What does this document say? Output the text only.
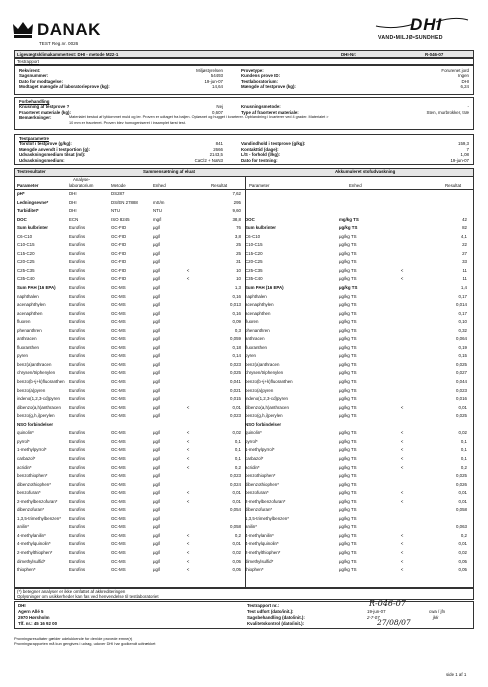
DANAK
TEST Reg.nr. 0026
DHI
VAND•MILJØ•SUNDHED
Ligevægtsklimakammertest: DHI - metode M22-1	DHI-Nr:	R-046-07
Testrapport
Rekvirent:	Miljøstyrelsen	Provetype:	Forurenet jord
Sagsnummer:	54493	Kundens prove ID:	Ingen
Dato for modtagelse:	19-jun-07	Testlaboratorium:	DHI
Modtaget mængde af laboratorieprove (kg):	14,64	Mængde af testprove (kg):	6,24
Forbehandling
Knusning af testprove ?	Nej	Knusningsmetode:	-
Fraorteret materiale (kg):	0,607	Type af fraorteret materiale:	Sten, murbrokker, træ
Bemærkninger:	Materialet bestod af lyfdommet muld og ler. Proven er udtaget fra baljen. Opløsnet og hugget i kvarterer. Opblandning i kvarterer ved 4 grader. Materialet >
10 mm er fraorteret. Proven blev homogeniseret i insamplet først test.
Testparametre
Torstof i testprove (g/kg):	841	Vandindhold i testprove (g/kg):	159,3
Mængde anvendt i testportion (g):	2666	Kontakttid (dage):	7
Udvaskningsmedium tilsat (ml):	2143,5	L/S - forhold (l/kg):	1,08
Udvaskningsmedium:	CaCl2 + NaN3	Dato for testning:	19-jun-07
Testresultater	Sammensætning af eluat	Akkumuleret stofudvaskning
Analyse-
Parameter	laboratorium	Metode	Enhed	Resultat	Parameter	Enhed	Resultat
pH*	DHI	DS287	7,62
Ledningsevne*	DHI	DS/EN 27888	mS/m	295
Turbiditet*	DHI	NTU	NTU	9,60
DOC	ECN	ISO 8245	mg/l	38,8 DOC	mg/kg TS	42
Sum kulbrinter	Eurofins	GC-FID	µg/l	76 Sum kulbrinter	µg/kg TS	82
C6-C10	Eurofins	GC-FID	µg/l	3,8 C6-C10	µg/kg TS	4,1
C10-C15	Eurofins	GC-FID	µg/l	25 C10-C15	µg/kg TS	22
C15-C20	Eurofins	GC-FID	µg/l	25 C15-C20	µg/kg TS	27
C20-C25	Eurofins	GC-FID	µg/l	31 C20-C25	µg/kg TS	33
C25-C35	Eurofins	GC-FID	µg/l	<	10 C25-C35	µg/kg TS	<	11
C35-C40	Eurofins	GC-FID	µg/l	<	10 C35-C40	µg/kg TS	<	11
Sum PAH (16 EPA)	Eurofins	GC-MS	µg/l	1,3 Sum PAH (16 EPA)	µg/kg TS	1,4
naphthalen	Eurofins	GC-MS	µg/l	0,16 naphthalen	µg/kg TS	0,17
acenaphthylen	Eurofins	GC-MS	µg/l	0,013 acenaphthylen	µg/kg TS	0,014
acenaphthen	Eurofins	GC-MS	µg/l	0,16 acenaphthen	µg/kg TS	0,17
fluoren	Eurofins	GC-MS	µg/l	0,09 fluoren	µg/kg TS	0,10
phenanthren	Eurofins	GC-MS	µg/l	0,3 phenanthren	µg/kg TS	0,32
anthracen	Eurofins	GC-MS	µg/l	0,059 anthracen	µg/kg TS	0,064
fluoranthen	Eurofins	GC-MS	µg/l	0,18 fluoranthen	µg/kg TS	0,19
pyren	Eurofins	GC-MS	µg/l	0,14 pyren	µg/kg TS	0,15
benz(a)anthracen	Eurofins	GC-MS	µg/l	0,023 benz(a)anthracen	µg/kg TS	0,025
chrysen/triphenylen	Eurofins	GC-MS	µg/l	0,025 chrysen/triphenylen	µg/kg TS	0,027
benzo(b+j+k)fluoranthen Eurofins	GC-MS	µg/l	0,041 benzo(b+j+k)fluoranthen	µg/kg TS	0,044
benzo(a)pyren	Eurofins	GC-MS	µg/l	0,021 benzo(a)pyren	µg/kg TS	0,023
indeno(1,2,3-cd)pyren	Eurofins	GC-MS	µg/l	0,015 indeno(1,2,3-cd)pyren	µg/kg TS	0,016
dibenzo(a,h)anthracen	Eurofins	GC-MS	µg/l	<	0,01 dibenzo(a,h)anthracen	µg/kg TS	<	0,01
benzo(g,h,i)perylen	Eurofins	GC-MS	µg/l	0,023 benzo(g,h,i)perylen	µg/kg TS	0,025
NSO forbindelser	NSO forbindelser
quinolin*	Eurofins	GC-MS	µg/l	<	0,02 quinolin*	µg/kg TS	<	0,02
pyrrol*	Eurofins	GC-MS	µg/l	<	0,1 pyrrol*	µg/kg TS	<	0,1
1-methylpyrrol*	Eurofins	GC-MS	µg/l	<	0,1 1-methylpyrrol*	µg/kg TS	<	0,1
carbazol*	Eurofins	GC-MS	µg/l	<	0,1 carbazol*	µg/kg TS	<	0,1
acridin*	Eurofins	GC-MS	µg/l	<	0,2 acridin*	µg/kg TS	<	0,2
benzothiophen*	Eurofins	GC-MS	µg/l	0,023 benzothiophen*	µg/kg TS	0,025
dibenzothiophen*	Eurofins	GC-MS	µg/l	0,024 dibenzothiophen*	µg/kg TS	0,026
benzofuran*	Eurofins	GC-MS	µg/l	<	0,01 benzofuran*	µg/kg TS	<	0,01
2-methylbenzofuran*	Eurofins	GC-MS	µg/l	<	0,01 2-methylbenzofuran*	µg/kg TS	<	0,01
dibenzofuran*	Eurofins	GC-MS	µg/l	0,054 dibenzofuran*	µg/kg TS	0,058
1,3,5-trimethylbenzen*	Eurofins	GC-MS	µg/l	1,3,5-trimethylbenzen*	µg/kg TS
anilin*	Eurofins	GC-MS	µg/l	0,058 anilin*	µg/kg TS	0,063
4-methylanilin*	Eurofins	GC-MS	µg/l	<	0,2 4-methylanilin*	µg/kg TS	<	0,2
4-methylquinolin*	Eurofins	GC-MS	µg/l	<	0,01 4-methylquinolin*	µg/kg TS	<	0,01
2-methylthiophen*	Eurofins	GC-MS	µg/l	<	0,02 2-methylthiophen*	µg/kg TS	<	0,02
dimethylsulfid*	Eurofins	GC-MS	µg/l	<	0,05 dimethylsulfid*	µg/kg TS	<	0,05
thiophen*	Eurofins	GC-MS	µg/l	<	0,05 thiophen*	µg/kg TS	<	0,05
(*) betegner analyser er ikke omfattet af akkrediteringen
Oplysninger om usikkerheder kan fas ved henvendelse til testlaboratoriet
DHI
Agern Allé 5
2970 Hørsholm
Tlf. nr.: 45 16 92 00
Testrapport nr.:
Test udfort (dato/init.):
Sagsbehandling (dato/init.):
Kvalitetskontrol (dato/init.):
R-046-07
19-jun-07	cwa / jfn
2-7-07	jkk
27/08/07
Provningsresultater gælder udelukkende for den/de provede emne(r)
Provningsrapporten må kun gengives i udrag, udover DHI har godkendt udtrækket
side 1 af 1
